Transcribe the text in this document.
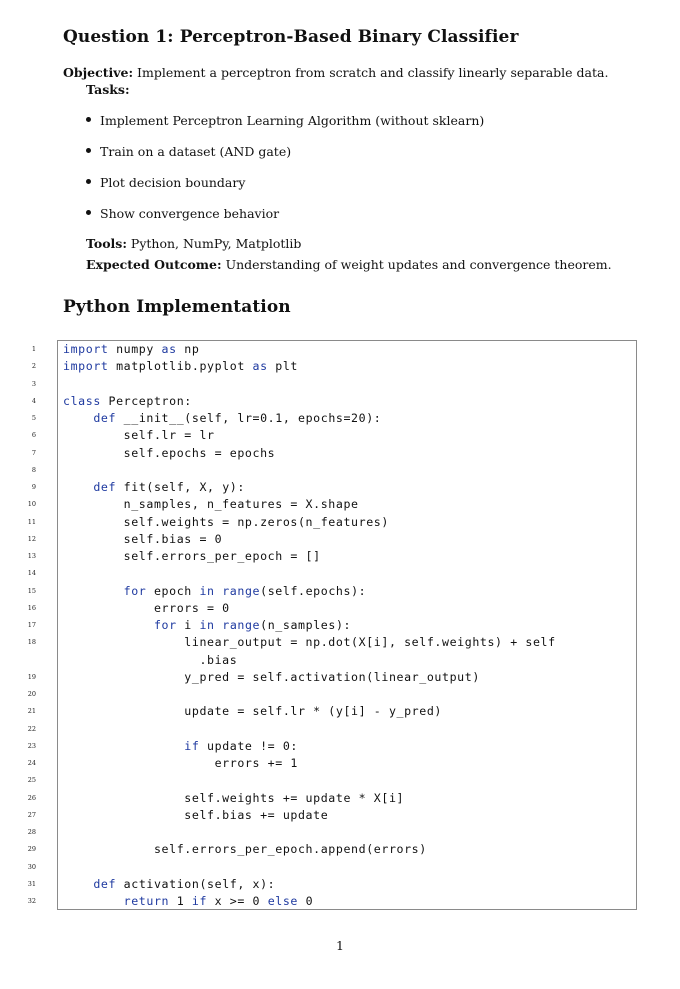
Question 1: Perceptron-Based Binary Classifier
Objective: Implement a perceptron from scratch and classify linearly separable data.
Tasks:
Implement Perceptron Learning Algorithm (without sklearn)
Train on a dataset (AND gate)
Plot decision boundary
Show convergence behavior
Tools: Python, NumPy, Matplotlib
Expected Outcome: Understanding of weight updates and convergence theorem.
Python Implementation
1 import numpy as np
2 import matplotlib.pyplot as plt
3
4 class Perceptron:
5	def __init__(self, lr=0.1, epochs=20):
6 self.lr = lr
7 self.epochs = epochs
8
9	def fit(self, X, y):
10 n_samples, n_features = X.shape
11 self.weights = np.zeros(n_features)
12 self.bias = 0
13 self.errors_per_epoch = []
14
15	for epoch in range(self.epochs):
16 errors = 0
17	for i in range(n_samples):
18 linear_output = np.dot(X[i], self.weights) + self
.bias
19 y_pred = self.activation(linear_output)
20
21 update = self.lr * (y[i] - y_pred)
22
23	if update != 0:
24 errors += 1
25
26 self.weights += update * X[i]
27 self.bias += update
28
29 self.errors_per_epoch.append(errors)
30
31	def activation(self, x):
32	return 1 if x >= 0 else 0
1
